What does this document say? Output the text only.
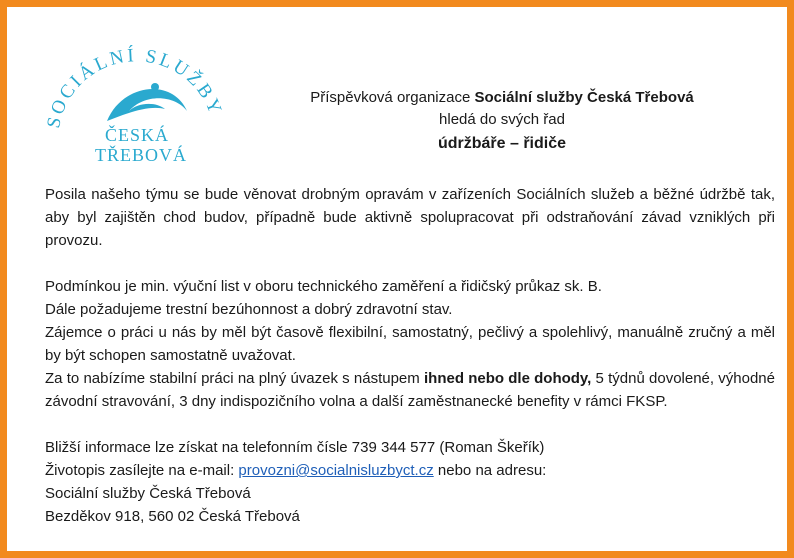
SOCIÁLNÍ SLUŽBY
ČESKÁ
TŘEBOVÁ
Příspěvková organizace Sociální služby Česká Třebová
hledá do svých řad
údržbáře – řidiče

Posila našeho týmu se bude věnovat drobným opravám v zařízeních Sociálních služeb a běžné údržbě tak, aby byl zajištěn chod budov, případně bude aktivně spolupracovat při odstraňování závad vzniklých při provozu.

Podmínkou je min. výuční list v oboru technického zaměření a řidičský průkaz sk. B.

Dále požadujeme trestní bezúhonnost a dobrý zdravotní stav.

Zájemce o práci u nás by měl být časově flexibilní, samostatný, pečlivý a spolehlivý, manuálně zručný a měl by být schopen samostatně uvažovat.

Za to nabízíme stabilní práci na plný úvazek s nástupem ihned nebo dle dohody, 5 týdnů dovolené, výhodné závodní stravování, 3 dny indispozičního volna a další zaměstnanecké benefity v rámci FKSP.

Bližší informace lze získat na telefonním čísle 739 344 577 (Roman Škeřík)

Životopis zasílejte na e-mail: provozni@socialnisluzbyct.cz nebo na adresu:

Sociální služby Česká Třebová

Bezděkov 918, 560 02 Česká Třebová
